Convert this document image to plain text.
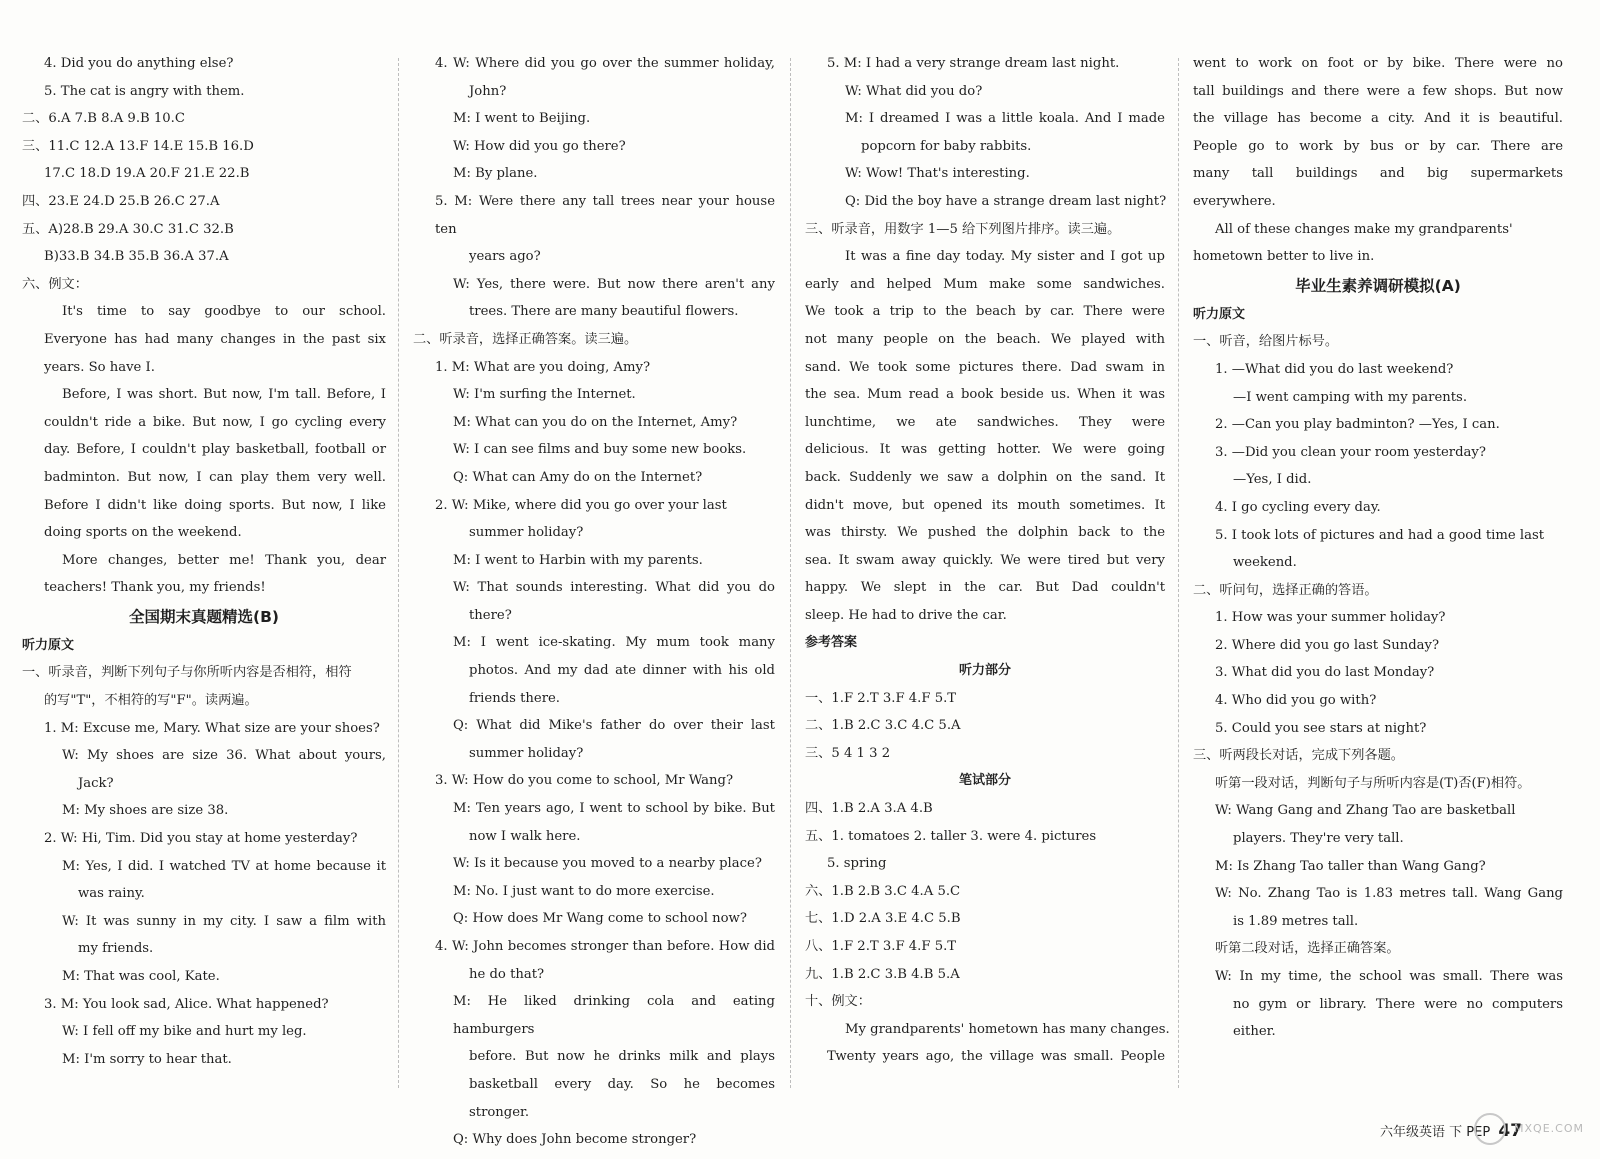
4. Did you do anything else?
5. The cat is angry with them.
二、6.A 7.B 8.A 9.B 10.C
三、11.C 12.A 13.F 14.E 15.B 16.D
17.C 18.D 19.A 20.F 21.E 22.B
四、23.E 24.D 25.B 26.C 27.A
五、A)28.B 29.A 30.C 31.C 32.B
B)33.B 34.B 35.B 36.A 37.A
六、例文：
It's time to say goodbye to our school.
Everyone has had many changes in the past six
years. So have I.
Before, I was short. But now, I'm tall. Before, I
couldn't ride a bike. But now, I go cycling every
day. Before, I couldn't play basketball, football or
badminton. But now, I can play them very well.
Before I didn't like doing sports. But now, I like
doing sports on the weekend.
More changes, better me! Thank you, dear
teachers! Thank you, my friends!
全国期末真题精选(B)
听力原文
一、听录音，判断下列句子与你所听内容是否相符，相符
的写"T"，不相符的写"F"。读两遍。
1. M: Excuse me, Mary. What size are your shoes?
W: My shoes are size 36. What about yours,
Jack?
M: My shoes are size 38.
2. W: Hi, Tim. Did you stay at home yesterday?
M: Yes, I did. I watched TV at home because it
was rainy.
W: It was sunny in my city. I saw a film with
my friends.
M: That was cool, Kate.
3. M: You look sad, Alice. What happened?
W: I fell off my bike and hurt my leg.
M: I'm sorry to hear that.
4. W: Where did you go over the summer holiday,
John?
M: I went to Beijing.
W: How did you go there?
M: By plane.
5. M: Were there any tall trees near your house ten
years ago?
W: Yes, there were. But now there aren't any
trees. There are many beautiful flowers.
二、听录音，选择正确答案。读三遍。
1. M: What are you doing, Amy?
W: I'm surfing the Internet.
M: What can you do on the Internet, Amy?
W: I can see films and buy some new books.
Q: What can Amy do on the Internet?
2. W: Mike, where did you go over your last
summer holiday?
M: I went to Harbin with my parents.
W: That sounds interesting. What did you do
there?
M: I went ice-skating. My mum took many
photos. And my dad ate dinner with his old
friends there.
Q: What did Mike's father do over their last
summer holiday?
3. W: How do you come to school, Mr Wang?
M: Ten years ago, I went to school by bike. But
now I walk here.
W: Is it because you moved to a nearby place?
M: No. I just want to do more exercise.
Q: How does Mr Wang come to school now?
4. W: John becomes stronger than before. How did
he do that?
M: He liked drinking cola and eating hamburgers
before. But now he drinks milk and plays
basketball every day. So he becomes
stronger.
Q: Why does John become stronger?
5. M: I had a very strange dream last night.
W: What did you do?
M: I dreamed I was a little koala. And I made
popcorn for baby rabbits.
W: Wow! That's interesting.
Q: Did the boy have a strange dream last night?
三、听录音，用数字 1—5 给下列图片排序。读三遍。
It was a fine day today. My sister and I got up
early and helped Mum make some sandwiches.
We took a trip to the beach by car. There were
not many people on the beach. We played with
sand. We took some pictures there. Dad swam in
the sea. Mum read a book beside us. When it was
lunchtime, we ate sandwiches. They were
delicious. It was getting hotter. We were going
back. Suddenly we saw a dolphin on the sand. It
didn't move, but opened its mouth sometimes. It
was thirsty. We pushed the dolphin back to the
sea. It swam away quickly. We were tired but very
happy. We slept in the car. But Dad couldn't
sleep. He had to drive the car.
参考答案
听力部分
一、1.F 2.T 3.F 4.F 5.T
二、1.B 2.C 3.C 4.C 5.A
三、5 4 1 3 2
笔试部分
四、1.B 2.A 3.A 4.B
五、1. tomatoes 2. taller 3. were 4. pictures
5. spring
六、1.B 2.B 3.C 4.A 5.C
七、1.D 2.A 3.E 4.C 5.B
八、1.F 2.T 3.F 4.F 5.T
九、1.B 2.C 3.B 4.B 5.A
十、例文：
My grandparents' hometown has many changes.
Twenty years ago, the village was small. People
went to work on foot or by bike. There were no
tall buildings and there were a few shops. But now
the village has become a city. And it is beautiful.
People go to work by bus or by car. There are
many tall buildings and big supermarkets
everywhere.
All of these changes make my grandparents'
hometown better to live in.
毕业生素养调研模拟(A)
听力原文
一、听音，给图片标号。
1. —What did you do last weekend?
—I went camping with my parents.
2. —Can you play badminton? —Yes, I can.
3. —Did you clean your room yesterday?
—Yes, I did.
4. I go cycling every day.
5. I took lots of pictures and had a good time last
weekend.
二、听问句，选择正确的答语。
1. How was your summer holiday?
2. Where did you go last Sunday?
3. What did you do last Monday?
4. Who did you go with?
5. Could you see stars at night?
三、听两段长对话，完成下列各题。
听第一段对话，判断句子与所听内容是(T)否(F)相符。
W: Wang Gang and Zhang Tao are basketball
players. They're very tall.
M: Is Zhang Tao taller than Wang Gang?
W: No. Zhang Tao is 1.83 metres tall. Wang Gang
is 1.89 metres tall.
听第二段对话，选择正确答案。
W: In my time, the school was small. There was
no gym or library. There were no computers
either.
六年级英语 下 PEP 47
MXQE.COM
